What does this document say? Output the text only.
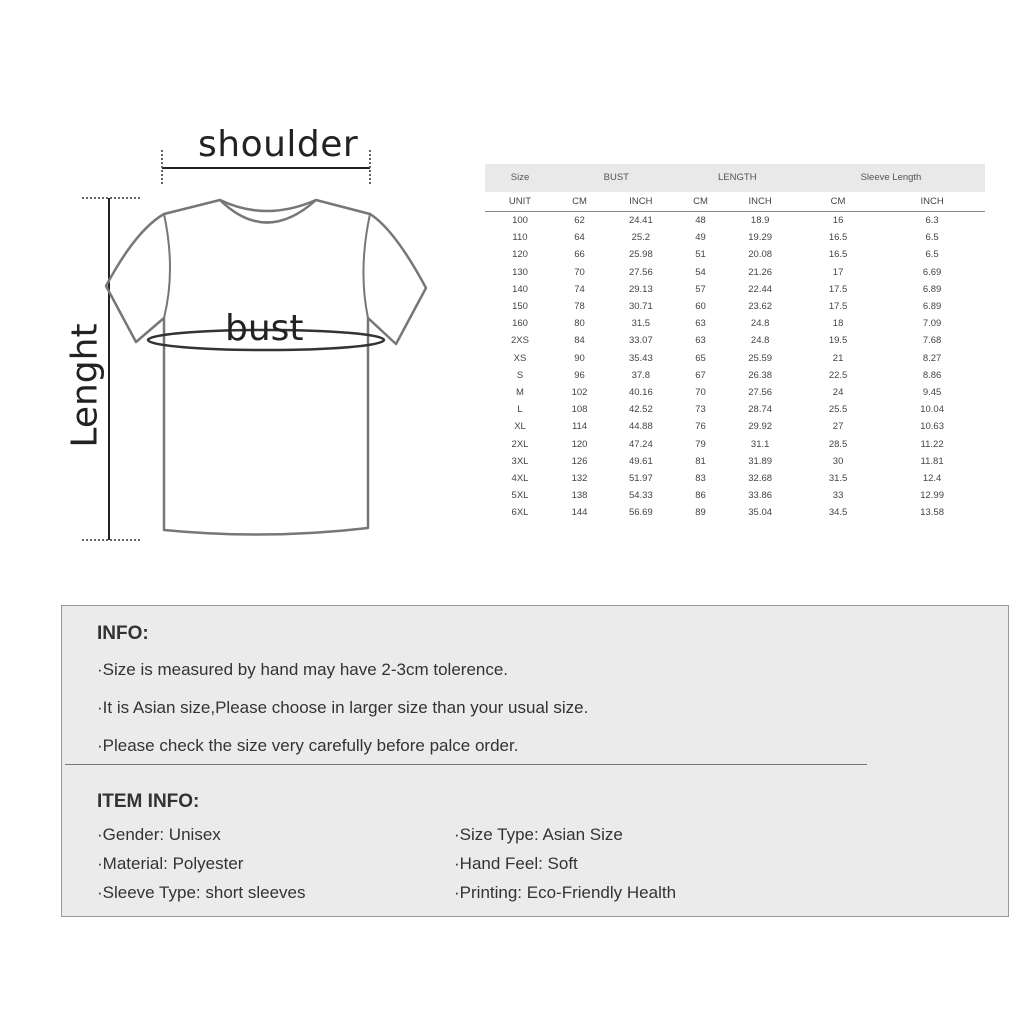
shoulder
bust
Lenght
Size	BUST		LENGTH		Sleeve Length	
UNIT	CM	INCH	CM	INCH	CM	INCH
100	62	24.41	48	18.9	16	6.3
110	64	25.2	49	19.29	16.5	6.5
120	66	25.98	51	20.08	16.5	6.5
130	70	27.56	54	21.26	17	6.69
140	74	29.13	57	22.44	17.5	6.89
150	78	30.71	60	23.62	17.5	6.89
160	80	31.5	63	24.8	18	7.09
2XS	84	33.07	63	24.8	19.5	7.68
XS	90	35.43	65	25.59	21	8.27
S	96	37.8	67	26.38	22.5	8.86
M	102	40.16	70	27.56	24	9.45
L	108	42.52	73	28.74	25.5	10.04
XL	114	44.88	76	29.92	27	10.63
2XL	120	47.24	79	31.1	28.5	11.22
3XL	126	49.61	81	31.89	30	11.81
4XL	132	51.97	83	32.68	31.5	12.4
5XL	138	54.33	86	33.86	33	12.99
6XL	144	56.69	89	35.04	34.5	13.58
INFO:
·Size is measured by hand may have 2-3cm tolerence.
·It is Asian size,Please choose in larger size than your usual size.
·Please check the size very carefully before palce order.
ITEM INFO:
·Gender: Unisex
·Material: Polyester
·Sleeve Type: short sleeves
·Size Type: Asian Size
·Hand Feel: Soft
·Printing: Eco-Friendly Health
